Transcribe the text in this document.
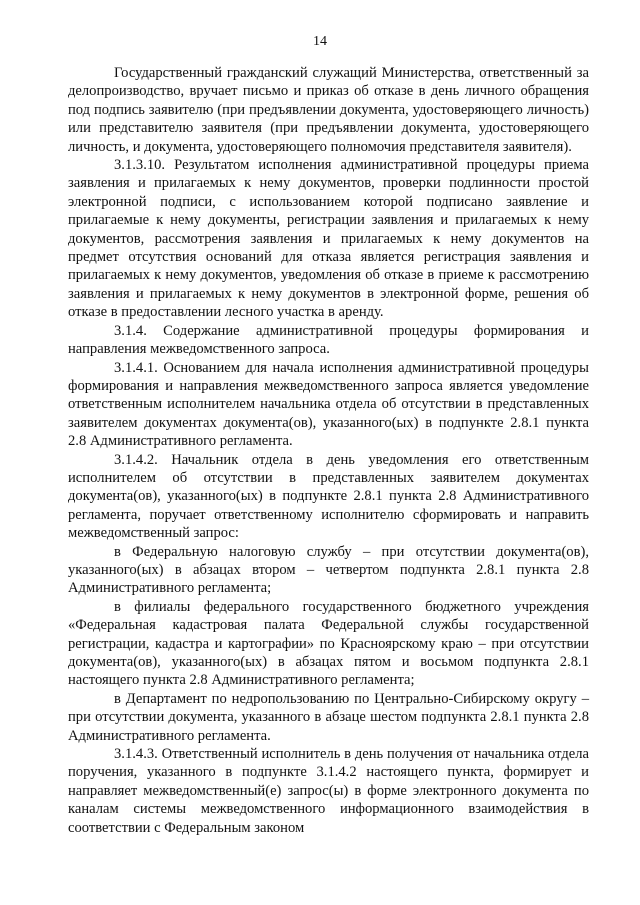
14

Государственный гражданский служащий Министерства, ответственный за делопроизводство, вручает письмо и приказ об отказе в день личного обращения под подпись заявителю (при предъявлении документа, удостоверяющего личность) или представителю заявителя (при предъявлении документа, удостоверяющего личность, и документа, удостоверяющего полномочия представителя заявителя).

3.1.3.10. Результатом исполнения административной процедуры приема заявления и прилагаемых к нему документов, проверки подлинности простой электронной подписи, с использованием которой подписано заявление и прилагаемые к нему документы, регистрации заявления и прилагаемых к нему документов, рассмотрения заявления и прилагаемых к нему документов на предмет отсутствия оснований для отказа является регистрация заявления и прилагаемых к нему документов, уведомления об отказе в приеме к рассмотрению заявления и прилагаемых к нему документов в электронной форме, решения об отказе в предоставлении лесного участка в аренду.

3.1.4. Содержание административной процедуры формирования и направления межведомственного запроса.

3.1.4.1. Основанием для начала исполнения административной процедуры формирования и направления межведомственного запроса является уведомление ответственным исполнителем начальника отдела об отсутствии в представленных заявителем документах документа(ов), указанного(ых) в подпункте 2.8.1 пункта 2.8 Административного регламента.

3.1.4.2. Начальник отдела в день уведомления его ответственным исполнителем об отсутствии в представленных заявителем документах документа(ов), указанного(ых) в подпункте 2.8.1 пункта 2.8 Административного регламента, поручает ответственному исполнителю сформировать и направить межведомственный запрос:

в Федеральную налоговую службу – при отсутствии документа(ов), указанного(ых) в абзацах втором – четвертом подпункта 2.8.1 пункта 2.8 Административного регламента;

в филиалы федерального государственного бюджетного учреждения «Федеральная кадастровая палата Федеральной службы государственной регистрации, кадастра и картографии» по Красноярскому краю – при отсутствии документа(ов), указанного(ых) в абзацах пятом и восьмом подпункта 2.8.1 настоящего пункта 2.8 Административного регламента;

в Департамент по недропользованию по Центрально-Сибирскому округу – при отсутствии документа, указанного в абзаце шестом подпункта 2.8.1 пункта 2.8 Административного регламента.

3.1.4.3. Ответственный исполнитель в день получения от начальника отдела поручения, указанного в подпункте 3.1.4.2 настоящего пункта, формирует и направляет межведомственный(е) запрос(ы) в форме электронного документа по каналам системы межведомственного информационного взаимодействия в соответствии с Федеральным законом
